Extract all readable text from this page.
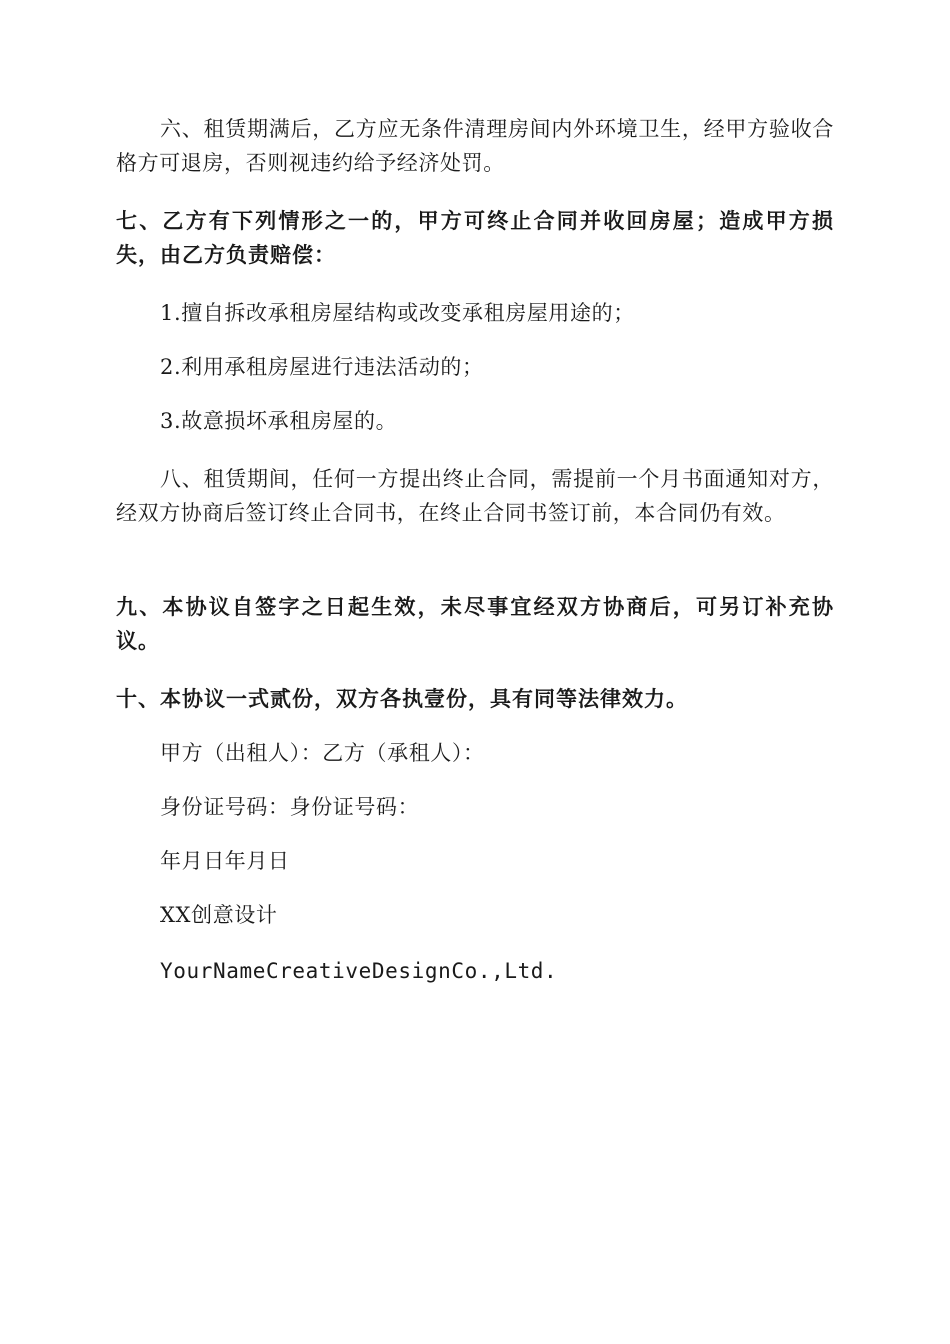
六、租赁期满后，乙方应无条件清理房间内外环境卫生，经甲方验收合格方可退房，否则视违约给予经济处罚。

七、乙方有下列情形之一的，甲方可终止合同并收回房屋；造成甲方损失，由乙方负责赔偿：

1.擅自拆改承租房屋结构或改变承租房屋用途的；

2.利用承租房屋进行违法活动的；

3.故意损坏承租房屋的。

八、租赁期间，任何一方提出终止合同，需提前一个月书面通知对方，经双方协商后签订终止合同书，在终止合同书签订前，本合同仍有效。

九、本协议自签字之日起生效，未尽事宜经双方协商后，可另订补充协议。

十、本协议一式贰份，双方各执壹份，具有同等法律效力。

甲方（出租人）：乙方（承租人）：

身份证号码：身份证号码：

年月日年月日

XX创意设计

YourNameCreativeDesignCo.,Ltd.
